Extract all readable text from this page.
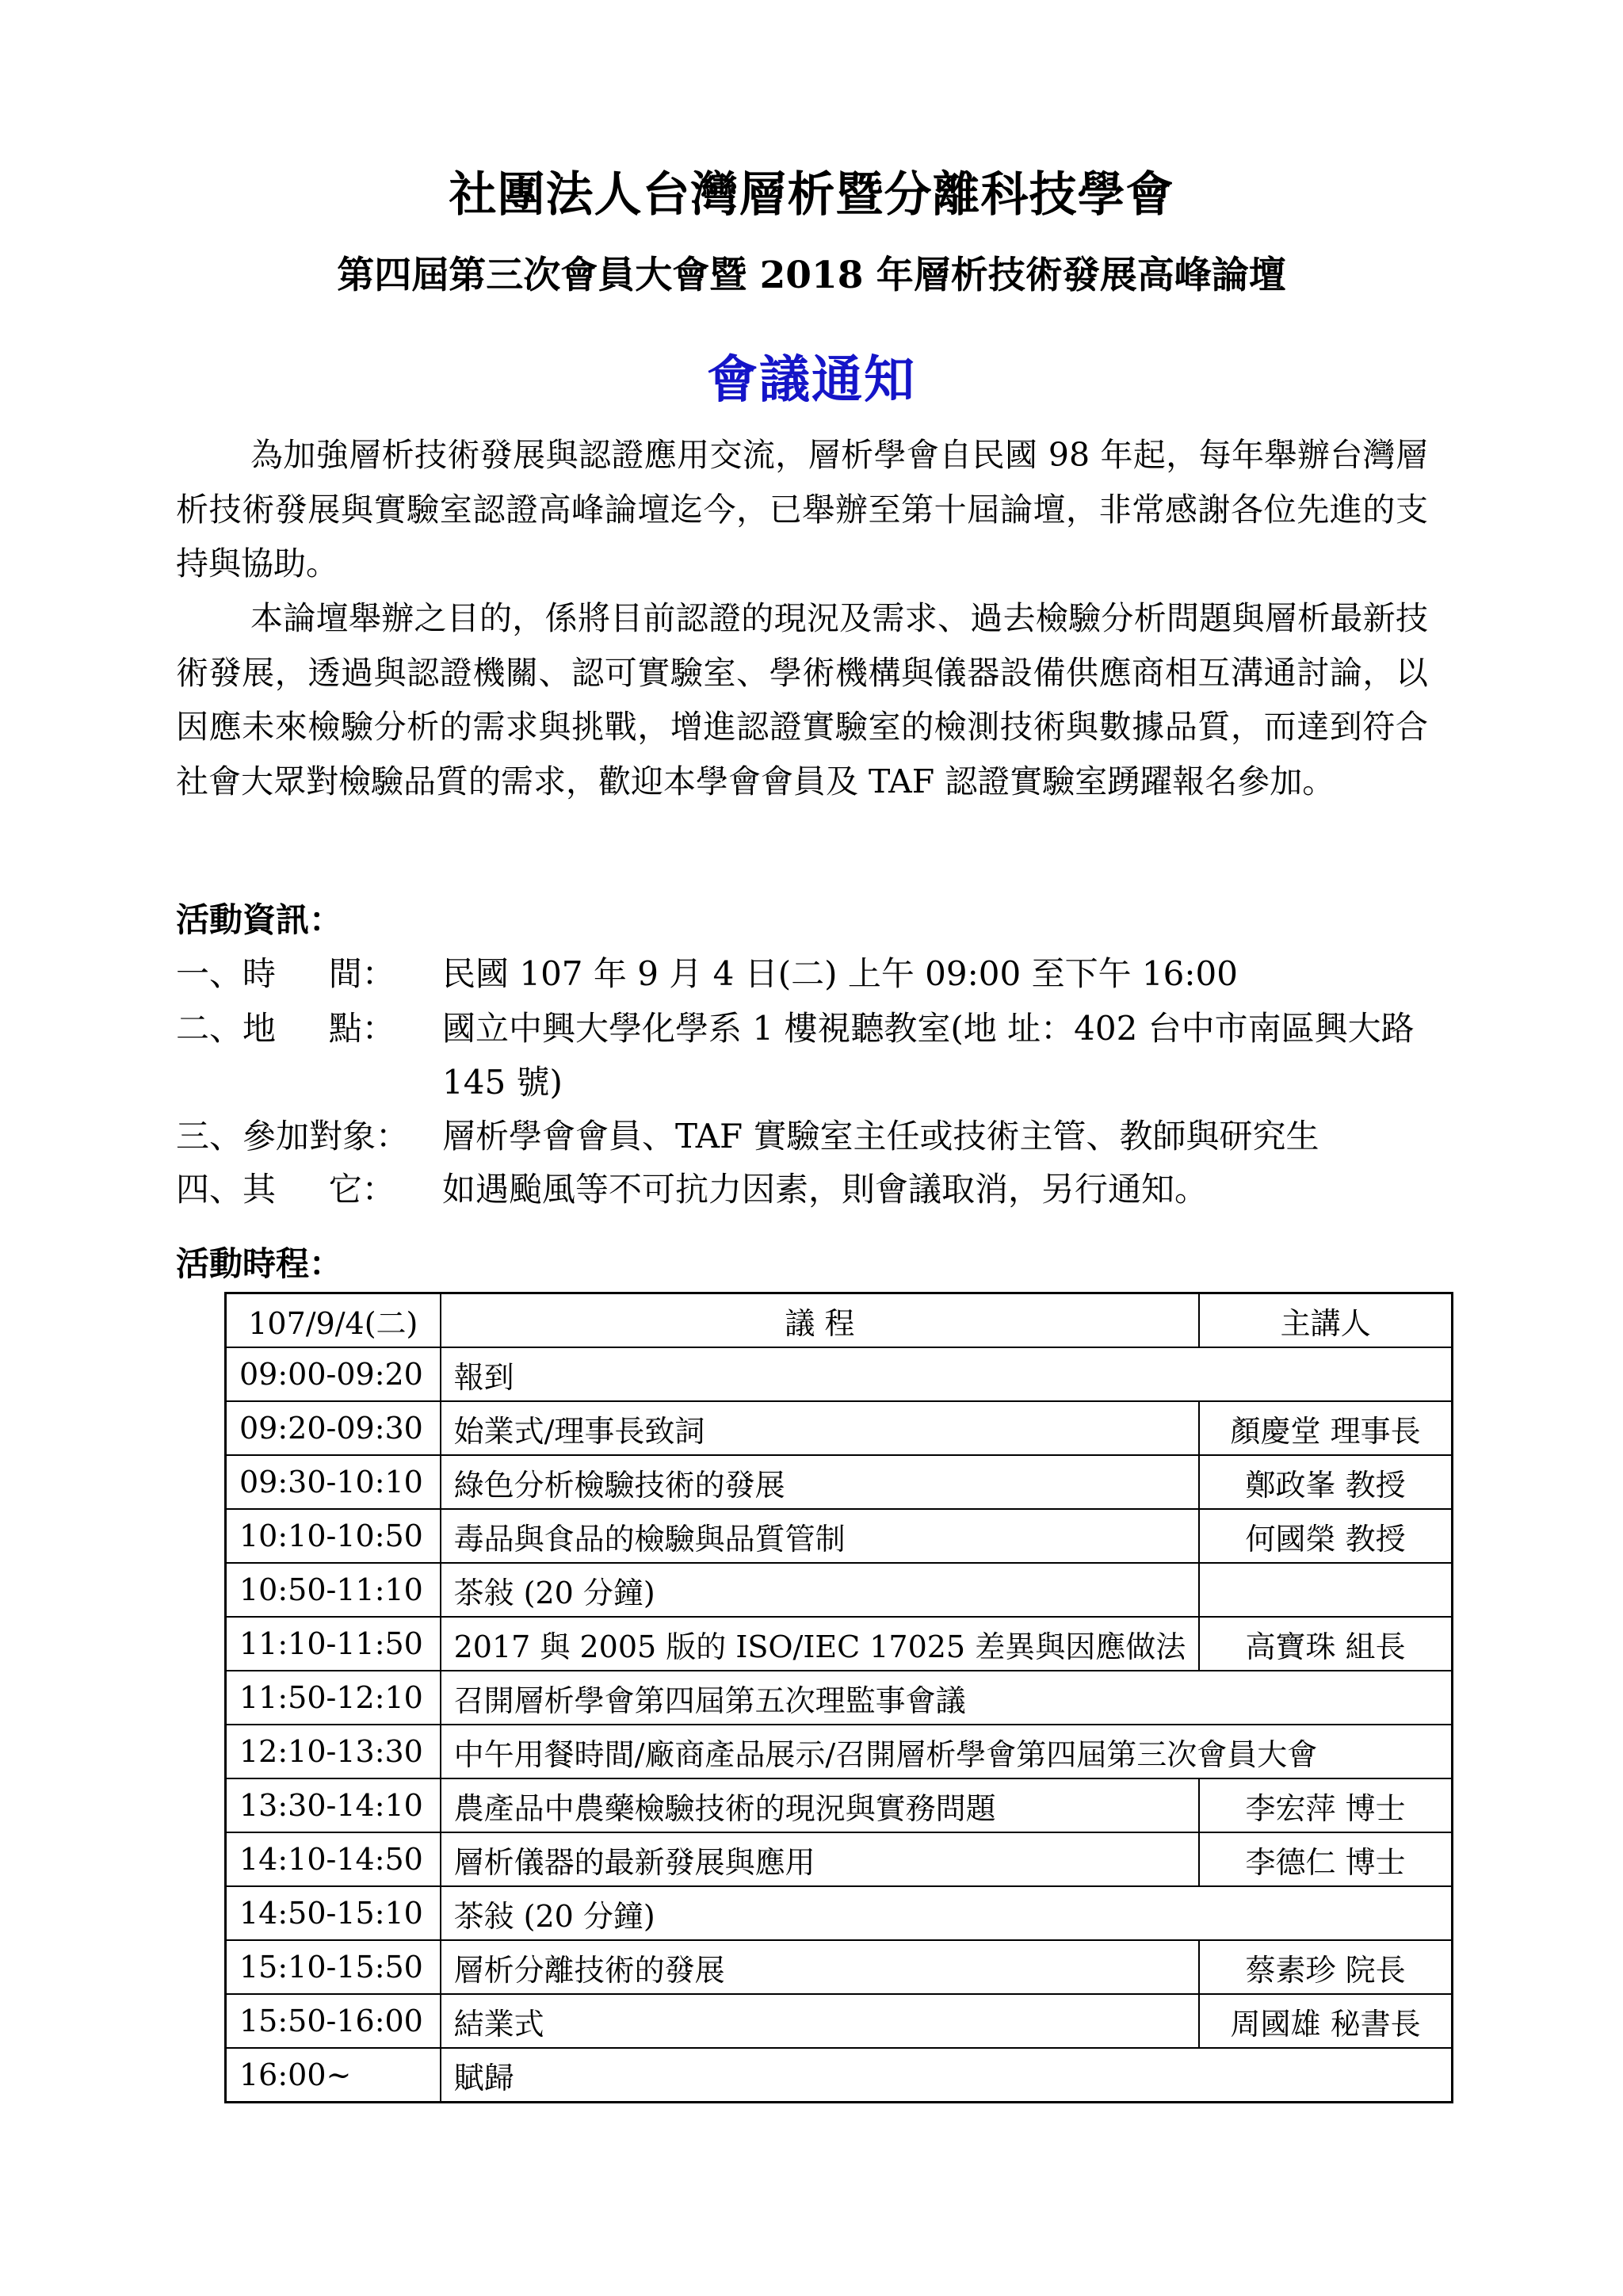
社團法人台灣層析暨分離科技學會
第四屆第三次會員大會暨 2018 年層析技術發展高峰論壇
會議通知
為加強層析技術發展與認證應用交流，層析學會自民國 98 年起，每年舉辦台灣層析技術發展與實驗室認證高峰論壇迄今，已舉辦至第十屆論壇，非常感謝各位先進的支持與協助。
本論壇舉辦之目的，係將目前認證的現況及需求、過去檢驗分析問題與層析最新技術發展，透過與認證機關、認可實驗室、學術機構與儀器設備供應商相互溝通討論，以因應未來檢驗分析的需求與挑戰，增進認證實驗室的檢測技術與數據品質，而達到符合社會大眾對檢驗品質的需求，歡迎本學會會員及 TAF 認證實驗室踴躍報名參加。
活動資訊：
一、時     間： 民國 107 年 9 月 4 日(二) 上午 09:00 至下午 16:00
二、地     點： 國立中興大學化學系 1 樓視聽教室(地 址：402 台中市南區興大路 145 號)
三、參加對象： 層析學會會員、TAF 實驗室主任或技術主管、教師與研究生
四、其     它： 如遇颱風等不可抗力因素，則會議取消，另行通知。
活動時程：
107/9/4(二)	議 程	主講人
09:00-09:20	報到	
09:20-09:30	始業式/理事長致詞	顏慶堂 理事長
09:30-10:10	綠色分析檢驗技術的發展	鄭政峯 教授
10:10-10:50	毒品與食品的檢驗與品質管制	何國榮 教授
10:50-11:10	茶敍 (20 分鐘)	
11:10-11:50	2017 與 2005 版的 ISO/IEC 17025 差異與因應做法	高寶珠 組長
11:50-12:10	召開層析學會第四屆第五次理監事會議	
12:10-13:30	中午用餐時間/廠商產品展示/召開層析學會第四屆第三次會員大會	
13:30-14:10	農產品中農藥檢驗技術的現況與實務問題	李宏萍 博士
14:10-14:50	層析儀器的最新發展與應用	李德仁 博士
14:50-15:10	茶敍 (20 分鐘)	
15:10-15:50	層析分離技術的發展	蔡素珍 院長
15:50-16:00	結業式	周國雄 秘書長
16:00~	賦歸	
